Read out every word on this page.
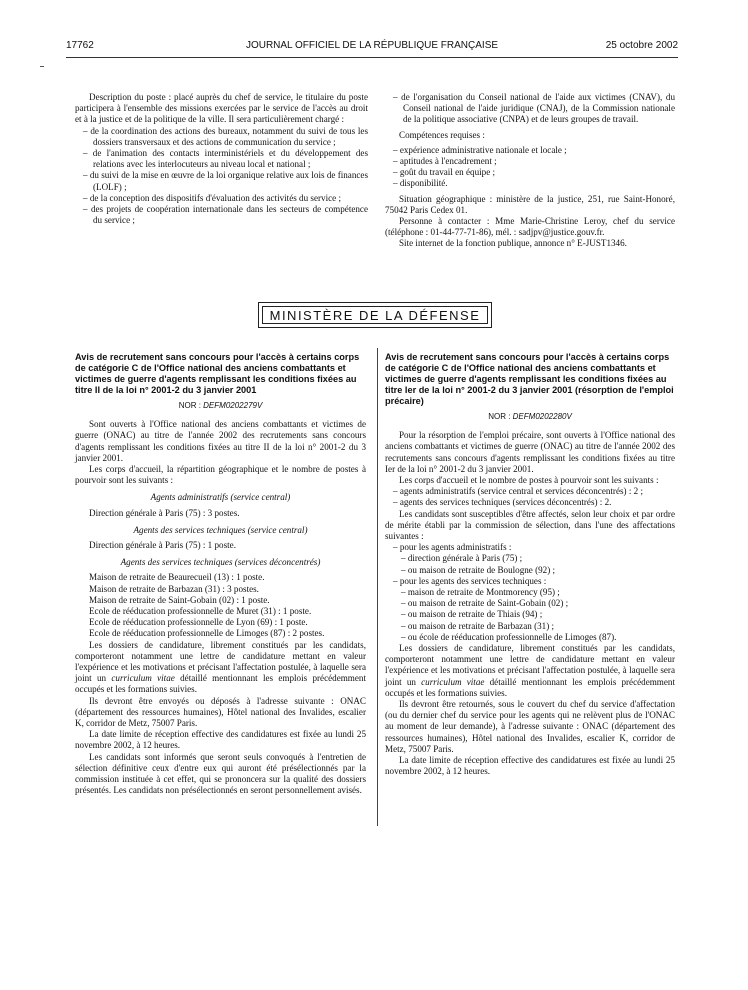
17762	JOURNAL OFFICIEL DE LA RÉPUBLIQUE FRANÇAISE	25 octobre 2002

Description du poste : placé auprès du chef de service, le titulaire du poste participera à l'ensemble des missions exercées par le service de l'accès au droit et à la justice et de la politique de la ville. Il sera particulièrement chargé :

– de la coordination des actions des bureaux, notamment du suivi de tous les dossiers transversaux et des actions de communication du service ;

– de l'animation des contacts interministériels et du développement des relations avec les interlocuteurs au niveau local et national ;

– du suivi de la mise en œuvre de la loi organique relative aux lois de finances (LOLF) ;

– de la conception des dispositifs d'évaluation des activités du service ;

– des projets de coopération internationale dans les secteurs de compétence du service ;

– de l'organisation du Conseil national de l'aide aux victimes (CNAV), du Conseil national de l'aide juridique (CNAJ), de la Commission nationale de la politique associative (CNPA) et de leurs groupes de travail.

Compétences requises :

– expérience administrative nationale et locale ;

– aptitudes à l'encadrement ;

– goût du travail en équipe ;

– disponibilité.

Situation géographique : ministère de la justice, 251, rue Saint-Honoré, 75042 Paris Cedex 01.

Personne à contacter : Mme Marie-Christine Leroy, chef du service (téléphone : 01-44-77-71-86), mél. : sadjpv@justice.gouv.fr.

Site internet de la fonction publique, annonce n° E-JUST1346.

MINISTÈRE DE LA DÉFENSE

Avis de recrutement sans concours pour l'accès à certains corps de catégorie C de l'Office national des anciens combattants et victimes de guerre d'agents remplissant les conditions fixées au titre II de la loi n° 2001-2 du 3 janvier 2001

NOR : DEFM0202279V

Sont ouverts à l'Office national des anciens combattants et victimes de guerre (ONAC) au titre de l'année 2002 des recrutements sans concours d'agents remplissant les conditions fixées au titre II de la loi n° 2001-2 du 3 janvier 2001.

Les corps d'accueil, la répartition géographique et le nombre de postes à pourvoir sont les suivants :

Agents administratifs (service central)

Direction générale à Paris (75) : 3 postes.

Agents des services techniques (service central)

Direction générale à Paris (75) : 1 poste.

Agents des services techniques (services déconcentrés)

Maison de retraite de Beaurecueil (13) : 1 poste.

Maison de retraite de Barbazan (31) : 3 postes.

Maison de retraite de Saint-Gobain (02) : 1 poste.

Ecole de rééducation professionnelle de Muret (31) : 1 poste.

Ecole de rééducation professionnelle de Lyon (69) : 1 poste.

Ecole de rééducation professionnelle de Limoges (87) : 2 postes.

Les dossiers de candidature, librement constitués par les candidats, comporteront notamment une lettre de candidature mettant en valeur l'expérience et les motivations et précisant l'affectation postulée, à laquelle sera joint un curriculum vitae détaillé mentionnant les emplois précédemment occupés et les formations suivies.

Ils devront être envoyés ou déposés à l'adresse suivante : ONAC (département des ressources humaines), Hôtel national des Invalides, escalier K, corridor de Metz, 75007 Paris.

La date limite de réception effective des candidatures est fixée au lundi 25 novembre 2002, à 12 heures.

Les candidats sont informés que seront seuls convoqués à l'entretien de sélection définitive ceux d'entre eux qui auront été présélectionnés par la commission instituée à cet effet, qui se prononcera sur la qualité des dossiers présentés. Les candidats non présélectionnés en seront personnellement avisés.

Avis de recrutement sans concours pour l'accès à certains corps de catégorie C de l'Office national des anciens combattants et victimes de guerre d'agents remplissant les conditions fixées au titre Ier de la loi n° 2001-2 du 3 janvier 2001 (résorption de l'emploi précaire)

NOR : DEFM0202280V

Pour la résorption de l'emploi précaire, sont ouverts à l'Office national des anciens combattants et victimes de guerre (ONAC) au titre de l'année 2002 des recrutements sans concours d'agents remplissant les conditions fixées au titre Ier de la loi n° 2001-2 du 3 janvier 2001.

Les corps d'accueil et le nombre de postes à pourvoir sont les suivants :

– agents administratifs (service central et services déconcentrés) : 2 ;

– agents des services techniques (services déconcentrés) : 2.

Les candidats sont susceptibles d'être affectés, selon leur choix et par ordre de mérite établi par la commission de sélection, dans l'une des affectations suivantes :

– pour les agents administratifs :

– direction générale à Paris (75) ;

– ou maison de retraite de Boulogne (92) ;

– pour les agents des services techniques :

– maison de retraite de Montmorency (95) ;

– ou maison de retraite de Saint-Gobain (02) ;

– ou maison de retraite de Thiais (94) ;

– ou maison de retraite de Barbazan (31) ;

– ou école de rééducation professionnelle de Limoges (87).

Les dossiers de candidature, librement constitués par les candidats, comporteront notamment une lettre de candidature mettant en valeur l'expérience et les motivations et précisant l'affectation postulée, à laquelle sera joint un curriculum vitae détaillé mentionnant les emplois précédemment occupés et les formations suivies.

Ils devront être retournés, sous le couvert du chef du service d'affectation (ou du dernier chef du service pour les agents qui ne relèvent plus de l'ONAC au moment de leur demande), à l'adresse suivante : ONAC (département des ressources humaines), Hôtel national des Invalides, escalier K, corridor de Metz, 75007 Paris.

La date limite de réception effective des candidatures est fixée au lundi 25 novembre 2002, à 12 heures.
